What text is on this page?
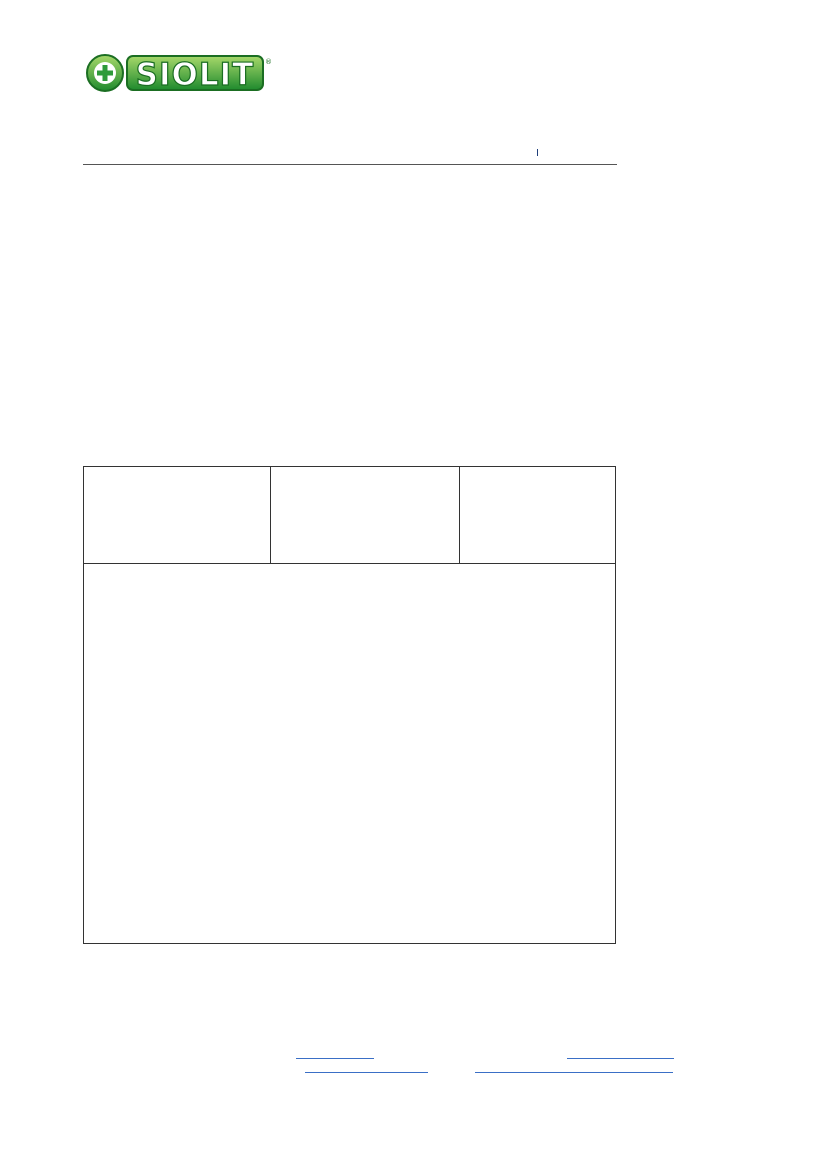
SIOLIT ®
